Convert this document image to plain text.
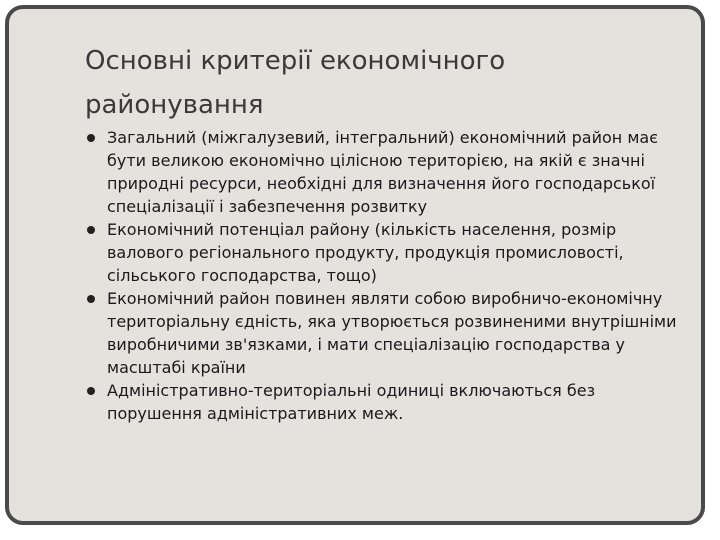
Основні критерії економічного районування
Загальний (міжгалузевий, інтегральний) економічний район має бути великою економічно цілісною територією, на якій є значні природні ресурси, необхідні для визначення його господарської спеціалізації і забезпечення розвитку
Економічний потенціал району (кількість населення, розмір валового регіонального продукту, продукція промисловості, сільського господарства, тощо)
Економічний район повинен являти собою виробничо-економічну територіальну єдність, яка утворюється розвиненими внутрішніми виробничими зв'язками, і мати спеціалізацію господарства у масштабі країни
Адміністративно-територіальні одиниці включаються без порушення адміністративних меж.
